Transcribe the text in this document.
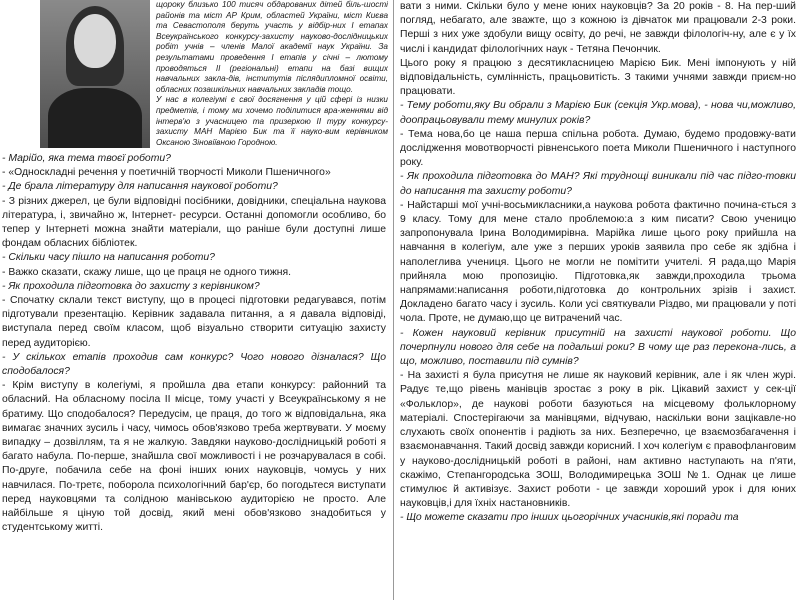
щороку близько 100 тисяч обдарованих дітей біль-шості районів та міст АР Крим, областей України, міст Києва та Севастополя беруть участь у відбір-них І етапах Всеукраїнського конкурсу-захисту науково-дослідницьких робіт учнів – членів Малої академії наук України. За результатами проведення І етапів у січні – лютому проводяться ІІ (регіональні) етапи на базі вищих навчальних закла-дів, інститутів післядипломної освіти, обласних позашкільних навчальних закладів тощо.

У нас в колегіумі є свої досягнення у цій сфері із низки предметів, і тому ми хочемо поділитися вра-женнями від інтерв'ю з учасницею та призеркою ІІ туру конкурсу-захисту МАН Марією Бик та її науко-вим керівником Оксаною Зіновіївною Городною.

- Марійо, яка тема твоєї роботи?

- «Односкладні речення у поетичній творчості Миколи Пшеничного»

- Де брала літературу для написання наукової роботи?

- З різних джерел, це були відповідні посібники, довідники, спеціальна наукова література, і, звичайно ж, Інтернет- ресурси. Останні допомогли особливо, бо тепер у Інтернеті можна знайти матеріали, що раніше були доступні лише фондам обласних бібліотек.

- Скільки часу пішло на написання роботи?

- Важко сказати, скажу лише, що це праця не одного тижня.

- Як проходила підготовка до захисту з керівником?

- Спочатку склали текст виступу, що в процесі підготовки редагувався, потім підготували презентацію. Керівник задавала питання, а я давала відповіді, виступала перед своїм класом, щоб візуально створити ситуацію захисту перед аудиторією.

- У скількох етапів проходив сам конкурс? Чого нового дізналася? Що сподобалося?

- Крім виступу в колегіумі, я пройшла два етапи конкурсу: районний та обласний. На обласному посіла ІІ місце, тому участі у Всеукраїнському я не братиму. Що сподобалося? Передусім, це праця, до того ж відповідальна, яка вимагає значних зусиль і часу, чимось обов'язково треба жертвувати. У моєму випадку – дозвіллям, та я не жалкую. Завдяки науково-дослідницькій роботі я багато набула. По-перше, знайшла свої можливості і не розчарувалася в собі. По-друге, побачила себе на фоні інших юних науковців, чомусь у них навчилася. По-третє, поборола психологічний бар'єр, бо погодьтеся виступати перед науковцями та солідною манівською аудиторією не просто. Але найбільше я ціную той досвід, який мені обов'язково знадобиться у студентському житті.

вати з ними. Скільки було у мене юних науковців? За 20 років - 8. На пер-ший погляд, небагато, але зважте, що з кожною із дівчаток ми працювали 2-3 роки. Перші з них уже здобули вищу освіту, до речі, не завжди філологіч-ну, але є у їх числі і кандидат філологічних наук - Тетяна Печончик.

Цього року я працюю з десятикласницею Марією Бик. Мені імпонують у ній відповідальність, сумлінність, працьовитість. З такими учнями завжди приєм-но працювати.

- Тему роботи,яку Ви обрали з Марією Бик (секція Укр.мова), - нова чи,можливо, доопрацьовували тему минулих років?

- Тема нова,бо це наша перша спільна робота. Думаю, будемо продовжу-вати дослідження мовотворчості рівненського поета Миколи Пшеничного і наступного року.

- Як проходила підготовка до МАН? Які труднощі виникали під час підго-товки до написання та захисту роботи?

- Найстарші мої учні-восьмикласники,а наукова робота фактично почина-ється з 9 класу. Тому для мене стало проблемою:а з ким писати? Свою ученицю запропонувала Ірина Володимирівна. Марійка лише цього року прийшла на навчання в колегіум, але уже з перших уроків заявила про себе як здібна і наполеглива учениця. Цього не могли не помітити учителі. Я рада,що Марія прийняла мою пропозицію. Підготовка,як завжди,проходила трьома напрямами:написання роботи,підготовка до контрольних зрізів і захист. Докладено багато часу і зусиль. Коли усі святкували Різдво, ми працювали у поті чола. Проте, не думаю,що це витрачений час.

- Кожен науковий керівник присутній на захисті наукової роботи. Що почерпнули нового для себе на подальші роки? В чому ще раз переконa-лись, а що, можливо, поставили під сумнів?

- На захисті я була присутня не лише як науковий керівник, але і як член журі. Радує те,що рівень манівців зростає з року в рік. Цікавий захист у сек-ції «Фольклор», де наукові роботи базуються на місцевому фольклорному матеріалі. Спостерігаючи за манівцями, відчуваю, наскільки вони зацікавле-но слухають своїх опонентів і радіють за них. Безперечно, це взаємозбагачення і взаємонавчання. Такий досвід завжди корисний. І хоч колегіум є правофланговим у науково-дослідницькій роботі в районі, нам активно наступають на п'яти, скажімо, Степангородська ЗОШ, Володимирецька ЗОШ №1. Однак це лише стимулює й активізує. Захист роботи - це завжди хороший урок і для юних науковців,і для їхніх настановників.

- Що можете сказати про інших цьогорічних учасників,які поради та
